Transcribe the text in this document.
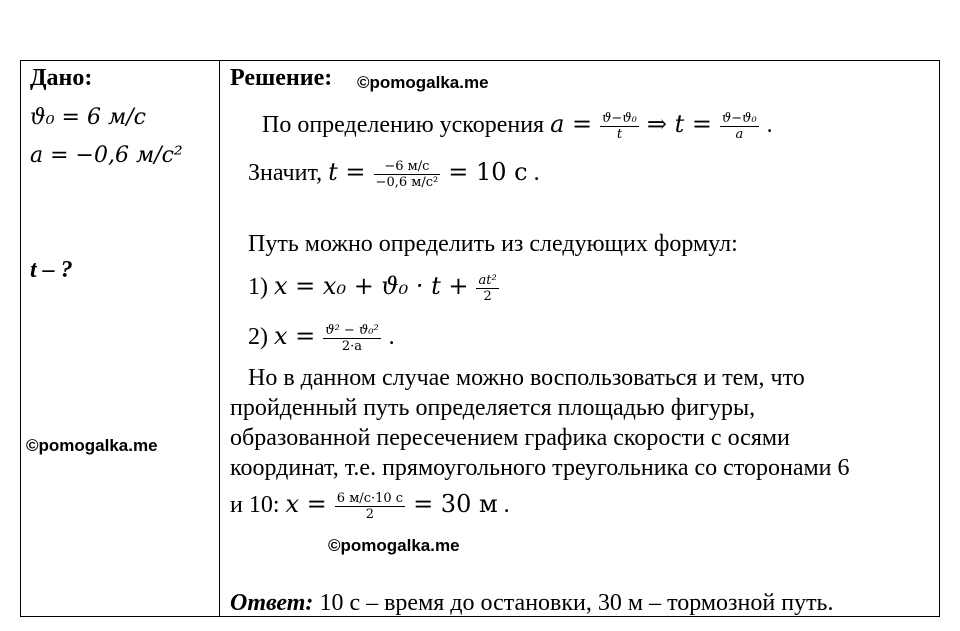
Дано:
ϑ₀ = 6 м/с
a = −0,6 м/с²
t – ?
©pomogalka.me
Решение: ©pomogalka.me
По определению ускорения $a = \frac{\text{ϑ−ϑ₀}}{t}$ ⇒ $t = \frac{\text{ϑ−ϑ₀}}{a}$ .
Значит, $t = \frac{-6 м/с}{\text{−0,6 м/с²}} = 10$ с .
Путь можно определить из следующих формул:
1) $x = x_0 + ϑ_0 \cdot t + \frac{\text{at²}}{2}$
2) $x = \frac{\text{ϑ² − ϑ₀²}}{2\cdot a}$ .
Но в данном случае можно воспользоваться и тем, что
пройденный путь определяется площадью фигуры,
образованной пересечением графика скорости с осями
координат, т.е. прямоугольного треугольника со сторонами 6
и 10: $x = \frac{6 м/с\cdot 10 с}{2} = 30$ м .
©pomogalka.me
Ответ: 10 с – время до остановки, 30 м – тормозной путь.
